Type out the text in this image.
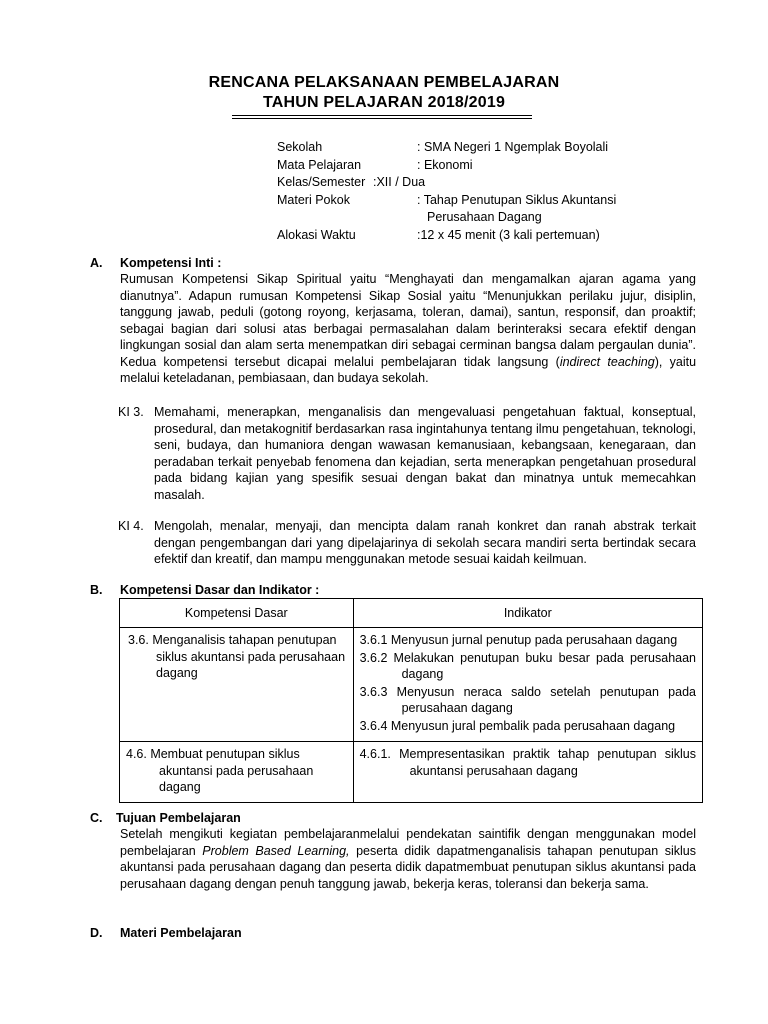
RENCANA PELAKSANAAN PEMBELAJARAN
TAHUN PELAJARAN 2018/2019
Sekolah	: SMA Negeri 1 Ngemplak Boyolali
Mata Pelajaran	: Ekonomi
Kelas/Semester :XII / Dua
Materi Pokok	: Tahap Penutupan Siklus Akuntansi
Perusahaan Dagang
Alokasi Waktu	:12 x 45 menit (3 kali pertemuan)
A. Kompetensi Inti :
Rumusan Kompetensi Sikap Spiritual yaitu “Menghayati dan mengamalkan ajaran agama yang dianutnya”. Adapun rumusan Kompetensi Sikap Sosial yaitu “Menunjukkan perilaku jujur, disiplin, tanggung jawab, peduli (gotong royong, kerjasama, toleran, damai), santun, responsif, dan proaktif; sebagai bagian dari solusi atas berbagai permasalahan dalam berinteraksi secara efektif dengan lingkungan sosial dan alam serta menempatkan diri sebagai cerminan bangsa dalam pergaulan dunia”. Kedua kompetensi tersebut dicapai melalui pembelajaran tidak langsung (indirect teaching), yaitu melalui keteladanan, pembiasaan, dan budaya sekolah.
KI 3. Memahami, menerapkan, menganalisis dan mengevaluasi pengetahuan faktual, konseptual, prosedural, dan metakognitif berdasarkan rasa ingintahunya tentang ilmu pengetahuan, teknologi, seni, budaya, dan humaniora dengan wawasan kemanusiaan, kebangsaan, kenegaraan, dan peradaban terkait penyebab fenomena dan kejadian, serta menerapkan pengetahuan prosedural pada bidang kajian yang spesifik sesuai dengan bakat dan minatnya untuk memecahkan masalah.
KI 4. Mengolah, menalar, menyaji, dan mencipta dalam ranah konkret dan ranah abstrak terkait dengan pengembangan dari yang dipelajarinya di sekolah secara mandiri serta bertindak secara efektif dan kreatif, dan mampu menggunakan metode sesuai kaidah keilmuan.
B. Kompetensi Dasar dan Indikator :
Kompetensi Dasar	Indikator

3.6. Menganalisis tahapan penutupan siklus akuntansi pada perusahaan dagang	3.6.1 Menyusun jurnal penutup pada perusahaan dagang

3.6.2 Melakukan penutupan buku besar pada perusahaan dagang

3.6.3 Menyusun neraca saldo setelah penutupan pada perusahaan dagang

3.6.4 Menyusun jural pembalik pada perusahaan dagang

4.6. Membuat penutupan siklus akuntansi pada perusahaan dagang	4.6.1. Mempresentasikan praktik tahap penutupan siklus akuntansi perusahaan dagang

C. Tujuan Pembelajaran
Setelah mengikuti kegiatan pembelajaranmelalui pendekatan saintifik dengan menggunakan model pembelajaran Problem Based Learning, peserta didik dapatmenganalisis tahapan penutupan siklus akuntansi pada perusahaan dagang dan peserta didik dapatmembuat penutupan siklus akuntansi pada perusahaan dagang dengan penuh tanggung jawab, bekerja keras, toleransi dan bekerja sama.
D. Materi Pembelajaran
